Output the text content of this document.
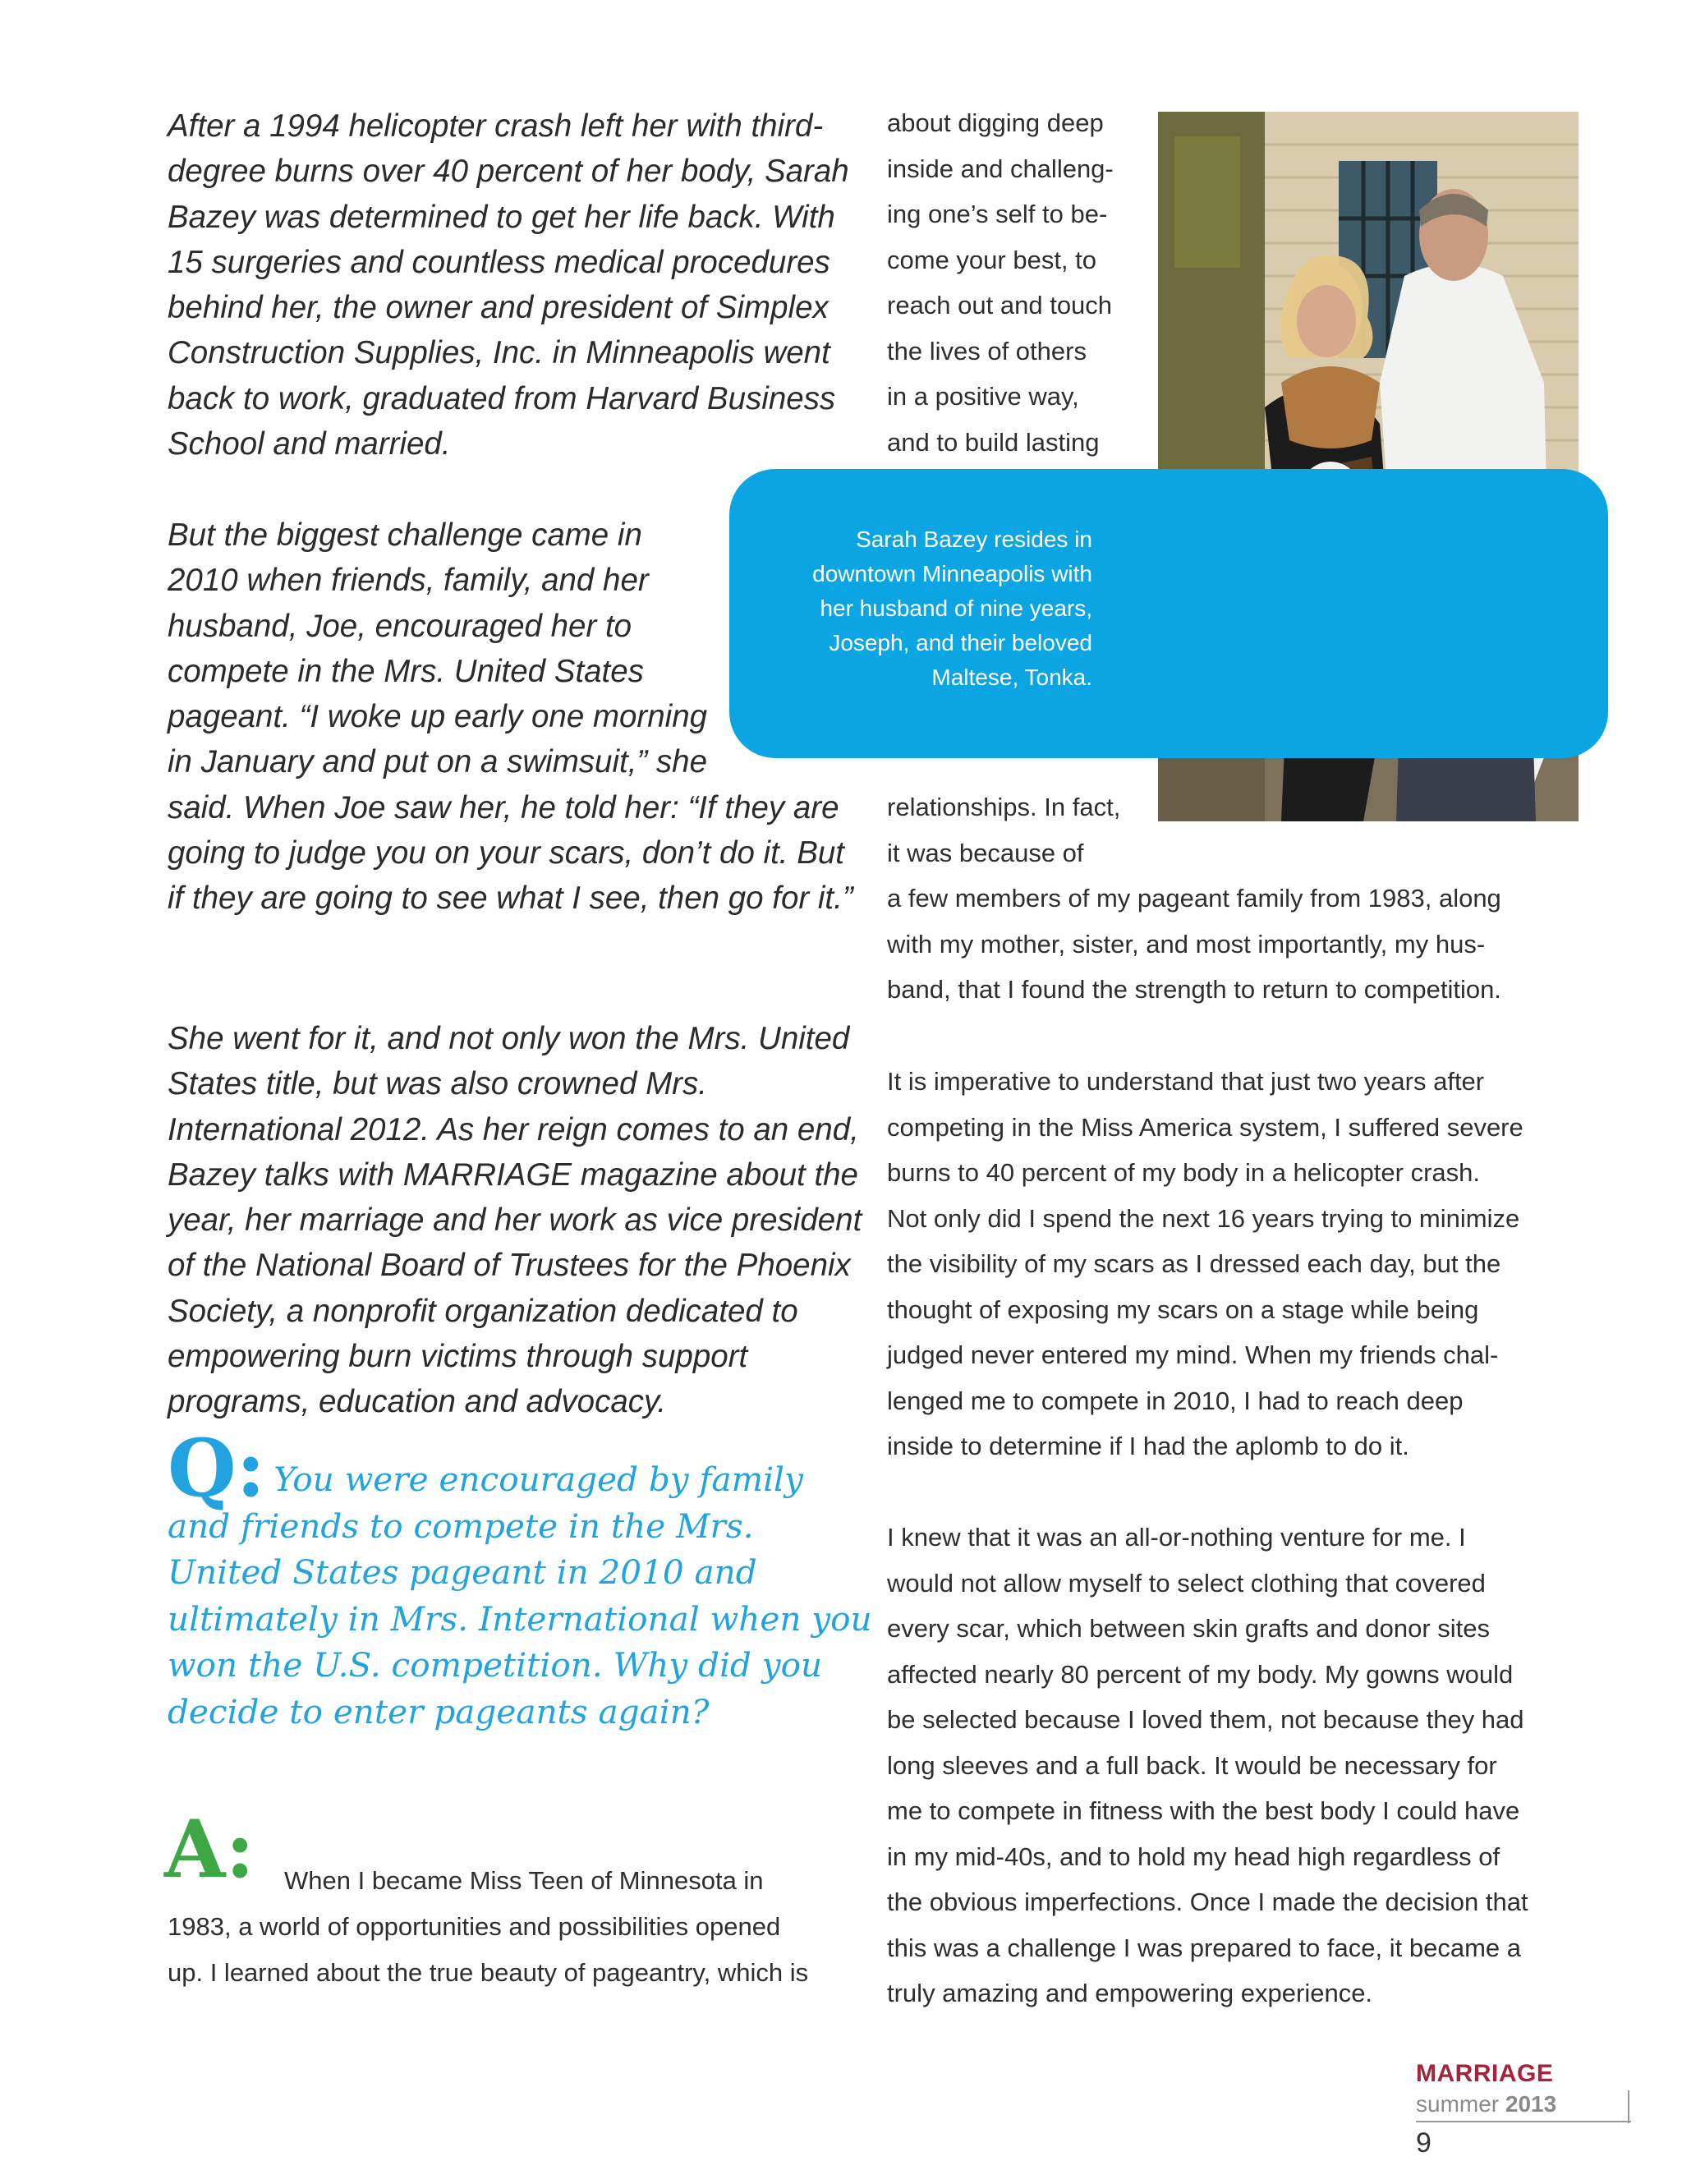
After a 1994 helicopter crash left her with third-degree burns over 40 percent of her body, Sarah Bazey was determined to get her life back. With 15 surgeries and countless medical procedures behind her, the owner and president of Simplex Construction Supplies, Inc. in Minneapolis went back to work, graduated from Harvard Business School and married.
But the biggest challenge came in
2010 when friends, family, and her
husband, Joe, encouraged her to
compete in the Mrs. United States
pageant. “I woke up early one morning
in January and put on a swimsuit,” she
said. When Joe saw her, he told her: “If they are going to judge you on your scars, don’t do it. But if they are going to see what I see, then go for it.”
She went for it, and not only won the Mrs. United States title, but was also crowned Mrs. International 2012. As her reign comes to an end, Bazey talks with MARRIAGE magazine about the year, her marriage and her work as vice president of the National Board of Trustees for the Phoenix Society, a nonprofit organization dedicated to empowering burn victims through support programs, education and advocacy.
Q: You were encouraged by family and friends to compete in the Mrs. United States pageant in 2010 and ultimately in Mrs. International when you won the U.S. competition. Why did you decide to enter pageants again?
A: When I became Miss Teen of Minnesota in
1983, a world of opportunities and possibilities opened
up. I learned about the true beauty of pageantry, which is
about digging deep
inside and challeng-
ing one’s self to be-
come your best, to
reach out and touch
the lives of others
in a positive way,
and to build lasting
Sarah Bazey resides in
downtown Minneapolis with
her husband of nine years,
Joseph, and their beloved
Maltese, Tonka.
relationships. In fact,
it was because of
a few members of my pageant family from 1983, along
with my mother, sister, and most importantly, my hus-
band, that I found the strength to return to competition.
It is imperative to understand that just two years after
competing in the Miss America system, I suffered severe
burns to 40 percent of my body in a helicopter crash.
Not only did I spend the next 16 years trying to minimize
the visibility of my scars as I dressed each day, but the
thought of exposing my scars on a stage while being
judged never entered my mind. When my friends chal-
lenged me to compete in 2010, I had to reach deep
inside to determine if I had the aplomb to do it.
I knew that it was an all-or-nothing venture for me. I
would not allow myself to select clothing that covered
every scar, which between skin grafts and donor sites
affected nearly 80 percent of my body. My gowns would
be selected because I loved them, not because they had
long sleeves and a full back. It would be necessary for
me to compete in fitness with the best body I could have
in my mid-40s, and to hold my head high regardless of
the obvious imperfections. Once I made the decision that
this was a challenge I was prepared to face, it became a
truly amazing and empowering experience.
MARRIAGE
summer 2013
9
